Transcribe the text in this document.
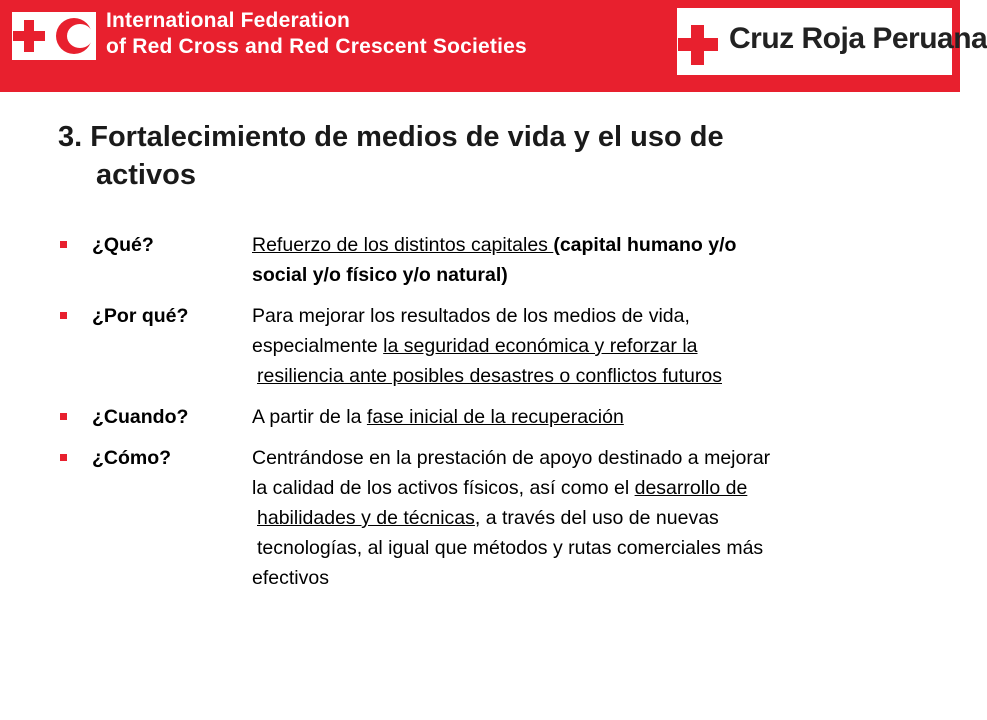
International Federation
of Red Cross and Red Crescent Societies	Cruz Roja Peruana
3. Fortalecimiento de medios de vida y el uso de
activos
¿Qué?	Refuerzo de los distintos capitales (capital humano y/o
social y/o físico y/o natural)
¿Por qué?	Para mejorar los resultados de los medios de vida,
especialmente la seguridad económica y reforzar la
resiliencia ante posibles desastres o conflictos futuros
¿Cuando?	A partir de la fase inicial de la recuperación
¿Cómo?	Centrándose en la prestación de apoyo destinado a mejorar
la calidad de los activos físicos, así como el desarrollo de
habilidades y de técnicas, a través del uso de nuevas
tecnologías, al igual que métodos y rutas comerciales más
efectivos
